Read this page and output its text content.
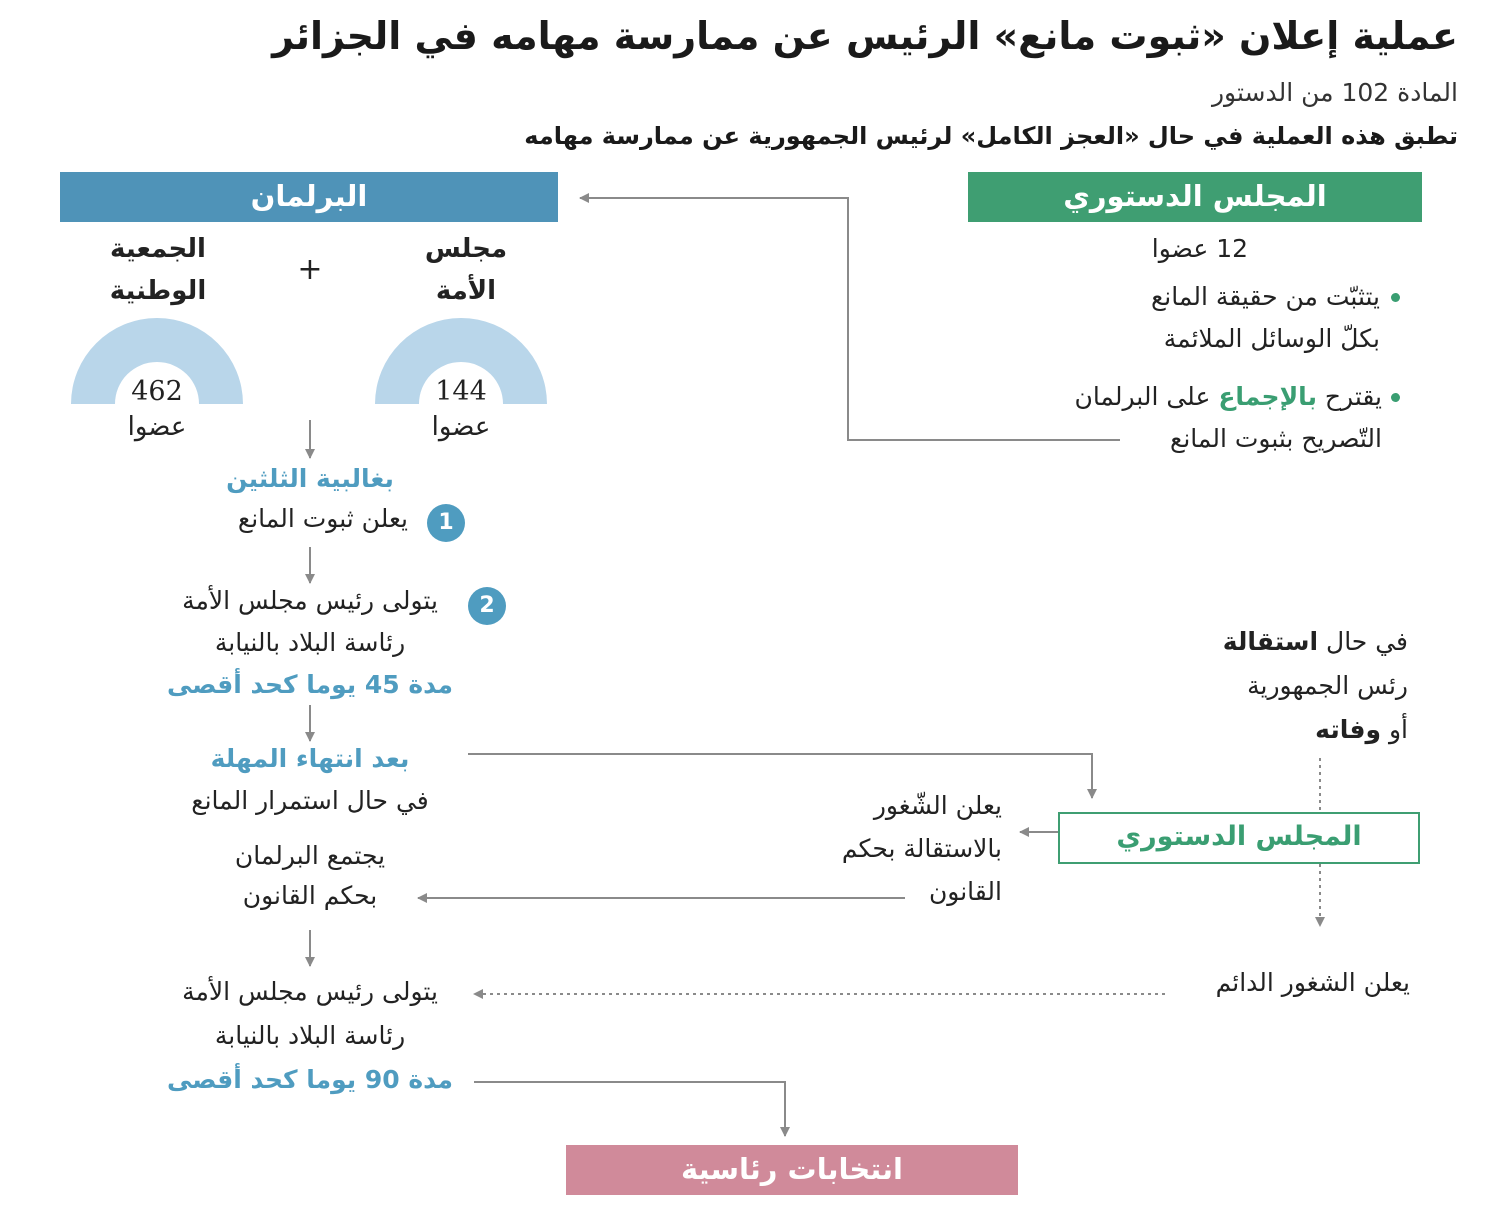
عملية إعلان «ثبوت مانع» الرئيس عن ممارسة مهامه في الجزائر
المادة 102 من الدستور
تطبق هذه العملية في حال «العجز الكامل» لرئيس الجمهورية عن ممارسة مهامه
البرلمان
مجلس
الأمة
+
الجمعية
الوطنية
144
عضوا
462
عضوا
المجلس الدستوري
12 عضوا
يتثبّت من حقيقة المانع
بكلّ الوسائل الملائمة
يقترح بالإجماع على البرلمان
التّصريح بثبوت المانع
بغالبية الثلثين
1
يعلن ثبوت المانع
2
يتولى رئيس مجلس الأمة
رئاسة البلاد بالنيابة
مدة 45 يوما كحد أقصى
بعد انتهاء المهلة
في حال استمرار المانع
يجتمع البرلمان
بحكم القانون
يتولى رئيس مجلس الأمة
رئاسة البلاد بالنيابة
مدة 90 يوما كحد أقصى
في حال استقالة
رئس الجمهورية
أو وفاته
المجلس الدستوري
يعلن الشّغور
بالاستقالة بحكم
القانون
يعلن الشغور الدائم
انتخابات رئاسية
